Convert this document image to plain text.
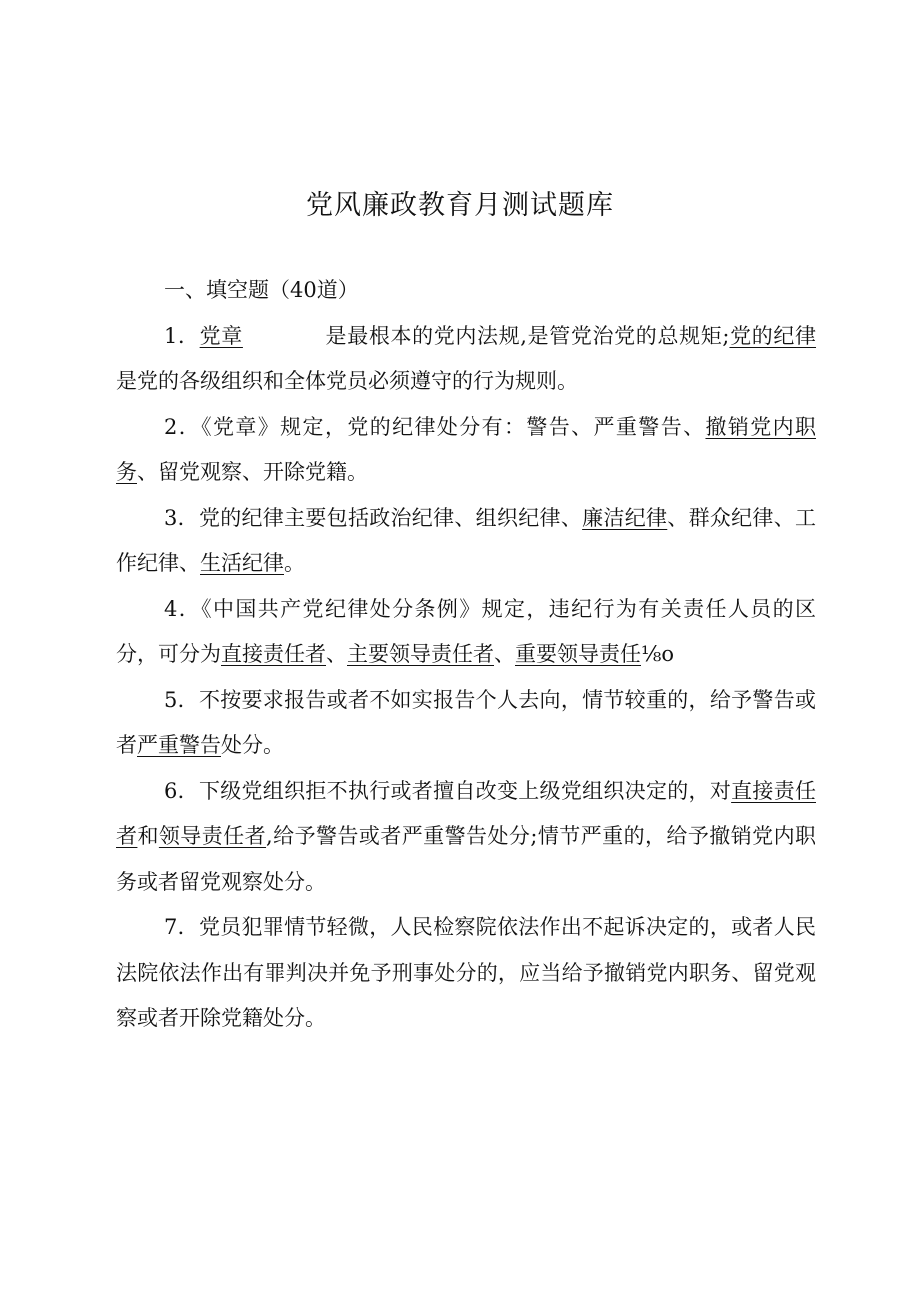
党风廉政教育月测试题库

一、填空题（40道）

1．党章	是最根本的党内法规,是管党治党的总规矩;党的纪律是党的各级组织和全体党员必须遵守的行为规则。

2．《党章》规定，党的纪律处分有：警告、严重警告、撤销党内职务、留党观察、开除党籍。

3．党的纪律主要包括政治纪律、组织纪律、廉洁纪律、群众纪律、工作纪律、生活纪律。

4．《中国共产党纪律处分条例》规定，违纪行为有关责任人员的区分，可分为直接责任者、主要领导责任者、重要领导责任⅛o

5．不按要求报告或者不如实报告个人去向，情节较重的，给予警告或者严重警告处分。

6．下级党组织拒不执行或者擅自改变上级党组织决定的，对直接责任者和领导责任者,给予警告或者严重警告处分;情节严重的，给予撤销党内职务或者留党观察处分。

7．党员犯罪情节轻微，人民检察院依法作出不起诉决定的，或者人民法院依法作出有罪判决并免予刑事处分的，应当给予撤销党内职务、留党观察或者开除党籍处分。
